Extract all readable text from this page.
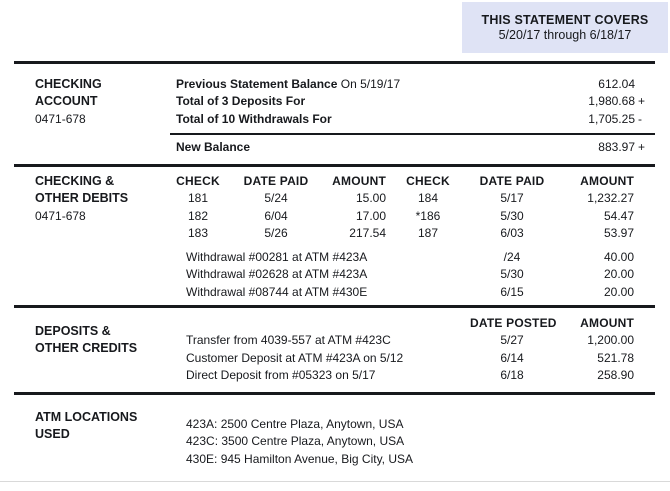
THIS STATEMENT COVERS
5/20/17 through 6/18/17
CHECKING
ACCOUNT
0471-678
Previous Statement Balance On 5/19/17	612.04
Total of 3 Deposits For	1,980.68 +
Total of 10 Withdrawals For	1,705.25 -
New Balance	883.97 +
CHECKING &
OTHER DEBITS
0471-678
CHECK	DATE PAID	AMOUNT	CHECK	DATE PAID	AMOUNT
181	5/24	15.00	184	5/17	1,232.27
182	6/04	17.00	*186	5/30	54.47
183	5/26	217.54	187	6/03	53.97
Withdrawal #00281 at ATM #423A	/24	40.00
Withdrawal #02628 at ATM #423A	5/30	20.00
Withdrawal #08744 at ATM #430E	6/15	20.00
DEPOSITS &
OTHER CREDITS
DATE POSTED	AMOUNT
Transfer from 4039-557 at ATM #423C	5/27	1,200.00
Customer Deposit at ATM #423A on 5/12	6/14	521.78
Direct Deposit from #05323 on 5/17	6/18	258.90
ATM LOCATIONS
USED
423A: 2500 Centre Plaza, Anytown, USA
423C: 3500 Centre Plaza, Anytown, USA
430E: 945 Hamilton Avenue, Big City, USA
